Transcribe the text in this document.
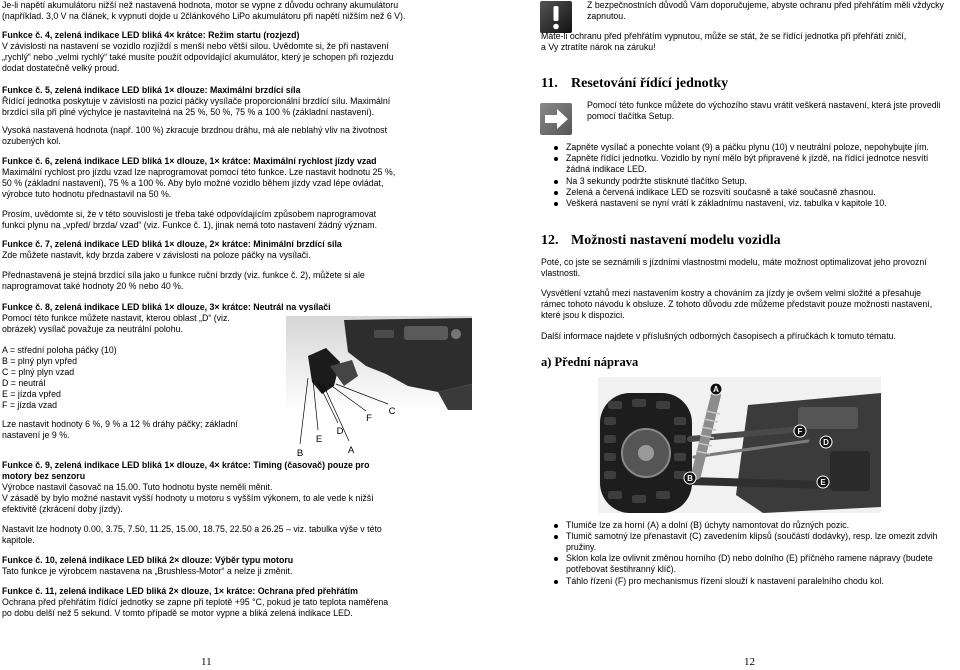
Je-li napětí akumulátoru nižší než nastavená hodnota, motor se vypne z důvodu ochrany akumulátoru
(například. 3,0 V na článek, k vypnutí dojde u 2článkového LiPo akumulátoru při napětí nižším než 6 V).
Funkce č. 4, zelená indikace LED bliká 4× krátce: Režim startu (rozjezd)
V závislosti na nastavení se vozidlo rozjíždí s menší nebo větší silou. Uvědomte si, že při nastavení
„rychlý“ nebo „velmi rychlý“ také musíte použít odpovídající akumulátor, který je schopen při rozjezdu
dodat dostatečně velký proud.
Funkce č. 5, zelená indikace LED bliká 1× dlouze: Maximální brzdící síla
Řídící jednotka poskytuje v závislosti na pozici páčky vysílače proporcionální brzdící sílu. Maximální
brzdící síla při plné výchylce je nastavitelná na 25 %, 50 %, 75 % a 100 % (základní nastavení).
Vysoká nastavená hodnota (např. 100 %) zkracuje brzdnou dráhu, má ale neblahý vliv na životnost
ozubených kol.
Funkce č. 6, zelená indikace LED bliká 1× dlouze, 1× krátce: Maximální rychlost jízdy vzad
Maximální rychlost pro jízdu vzad lze naprogramovat pomocí této funkce. Lze nastavit hodnotu 25 %,
50 % (základní nastavení), 75 % a 100 %. Aby bylo možné vozidlo během jízdy vzad lépe ovládat,
výrobce tuto hodnotu přednastavil na 50 %.
Prosím, uvědomte si, že v této souvislosti je třeba také odpovídajícím způsobem naprogramovat
funkci plynu na „vpřed/ brzda/ vzad“ (viz. Funkce č. 1), jinak nemá toto nastavení žádný význam.
Funkce č. 7, zelená indikace LED bliká 1× dlouze, 2× krátce: Minimální brzdící síla
Zde můžete nastavit, kdy brzda zabere v závislosti na poloze páčky na vysílači.
Přednastavená je stejná brzdící síla jako u funkce ruční brzdy (viz. funkce č. 2), můžete si ale
naprogramovat také hodnoty 20 % nebo 40 %.
Funkce č. 8, zelená indikace LED bliká 1× dlouze, 3× krátce: Neutrál na vysílači
Pomocí této funkce můžete nastavit, kterou oblast „D“ (viz.
obrázek) vysílač považuje za neutrální polohu.
A = střední poloha páčky (10)
B = plný plyn vpřed
C = plný plyn vzad
D = neutrál
E = jízda vpřed
F = jízda vzad
Lze nastavit hodnoty 6 %, 9 % a 12 % dráhy páčky; základní
nastavení je 9 %.
B
E
D
A
F
C
Funkce č. 9, zelená indikace LED bliká 1× dlouze, 4× krátce: Timing (časovač) pouze pro
motory bez senzoru
Výrobce nastavil časovač na 15.00. Tuto hodnotu byste neměli měnit.
V zásadě by bylo možné nastavit vyšší hodnoty u motoru s vyšším výkonem, to ale vede k nižší
efektivitě (zkrácení doby jízdy).
Nastavit lze hodnoty 0.00, 3.75, 7.50, 11.25, 15.00, 18.75, 22.50 a 26.25 – viz. tabulka výše v této
kapitole.
Funkce č. 10, zelená indikace LED bliká 2× dlouze: Výběr typu motoru
Tato funkce je výrobcem nastavena na „Brushless-Motor“ a nelze ji změnit.
Funkce č. 11, zelená indikace LED bliká 2× dlouze, 1× krátce: Ochrana před přehřátím
Ochrana před přehřátím řídící jednotky se zapne při teplotě +95 °C, pokud je tato teplota naměřena
po dobu delší než 5 sekund. V tomto případě se motor vypne a bliká zelená indikace LED.
11
Z bezpečnostních důvodů Vám doporučujeme, abyste ochranu před přehřátím měli vždycky
zapnutou.
Máte-li ochranu před přehřátím vypnutou, může se stát, že se řídící jednotka při přehřátí zničí,
a Vy ztratíte nárok na záruku!
11. Resetování řídící jednotky
Pomocí této funkce můžete do výchozího stavu vrátit veškerá nastavení, která jste provedli
pomocí tlačítka Setup.
Zapněte vysílač a ponechte volant (9) a páčku plynu (10) v neutrální poloze, nepohybujte jím.
Zapněte řídící jednotku. Vozidlo by nyní mělo být připravené k jízdě, na řídící jednotce nesvítí
žádná indikace LED.
Na 3 sekundy podržte stisknuté tlačítko Setup.
Zelená a červená indikace LED se rozsvítí současně a také současně zhasnou.
Veškerá nastavení se nyní vrátí k základnímu nastavení, viz. tabulka v kapitole 10.
12. Možnosti nastavení modelu vozidla
Poté, co jste se seznámili s jízdními vlastnostmi modelu, máte možnost optimalizovat jeho provozní
vlastnosti.
Vysvětlení vztahů mezi nastavením kostry a chováním za jízdy je ovšem velmi složité a přesahuje
rámec tohoto návodu k obsluze. Z tohoto důvodu zde můžeme představit pouze možnosti nastavení,
které jsou k dispozici.
Další informace najdete v příslušných odborných časopisech a příručkách k tomuto tématu.
a) Přední náprava
A
F
D
B	E
Tlumiče lze za horní (A) a dolní (B) úchyty namontovat do různých pozic.
Tlumič samotný lze přenastavit (C) zavedením klipsů (součástí dodávky), resp. lze omezit zdvih
pružiny.
Sklon kola lze ovlivnit změnou horního (D) nebo dolního (E) příčného ramene nápravy (budete
potřebovat šestihranný klíč).
Táhlo řízení (F) pro mechanismus řízení slouží k nastavení paralelního chodu kol.
12
